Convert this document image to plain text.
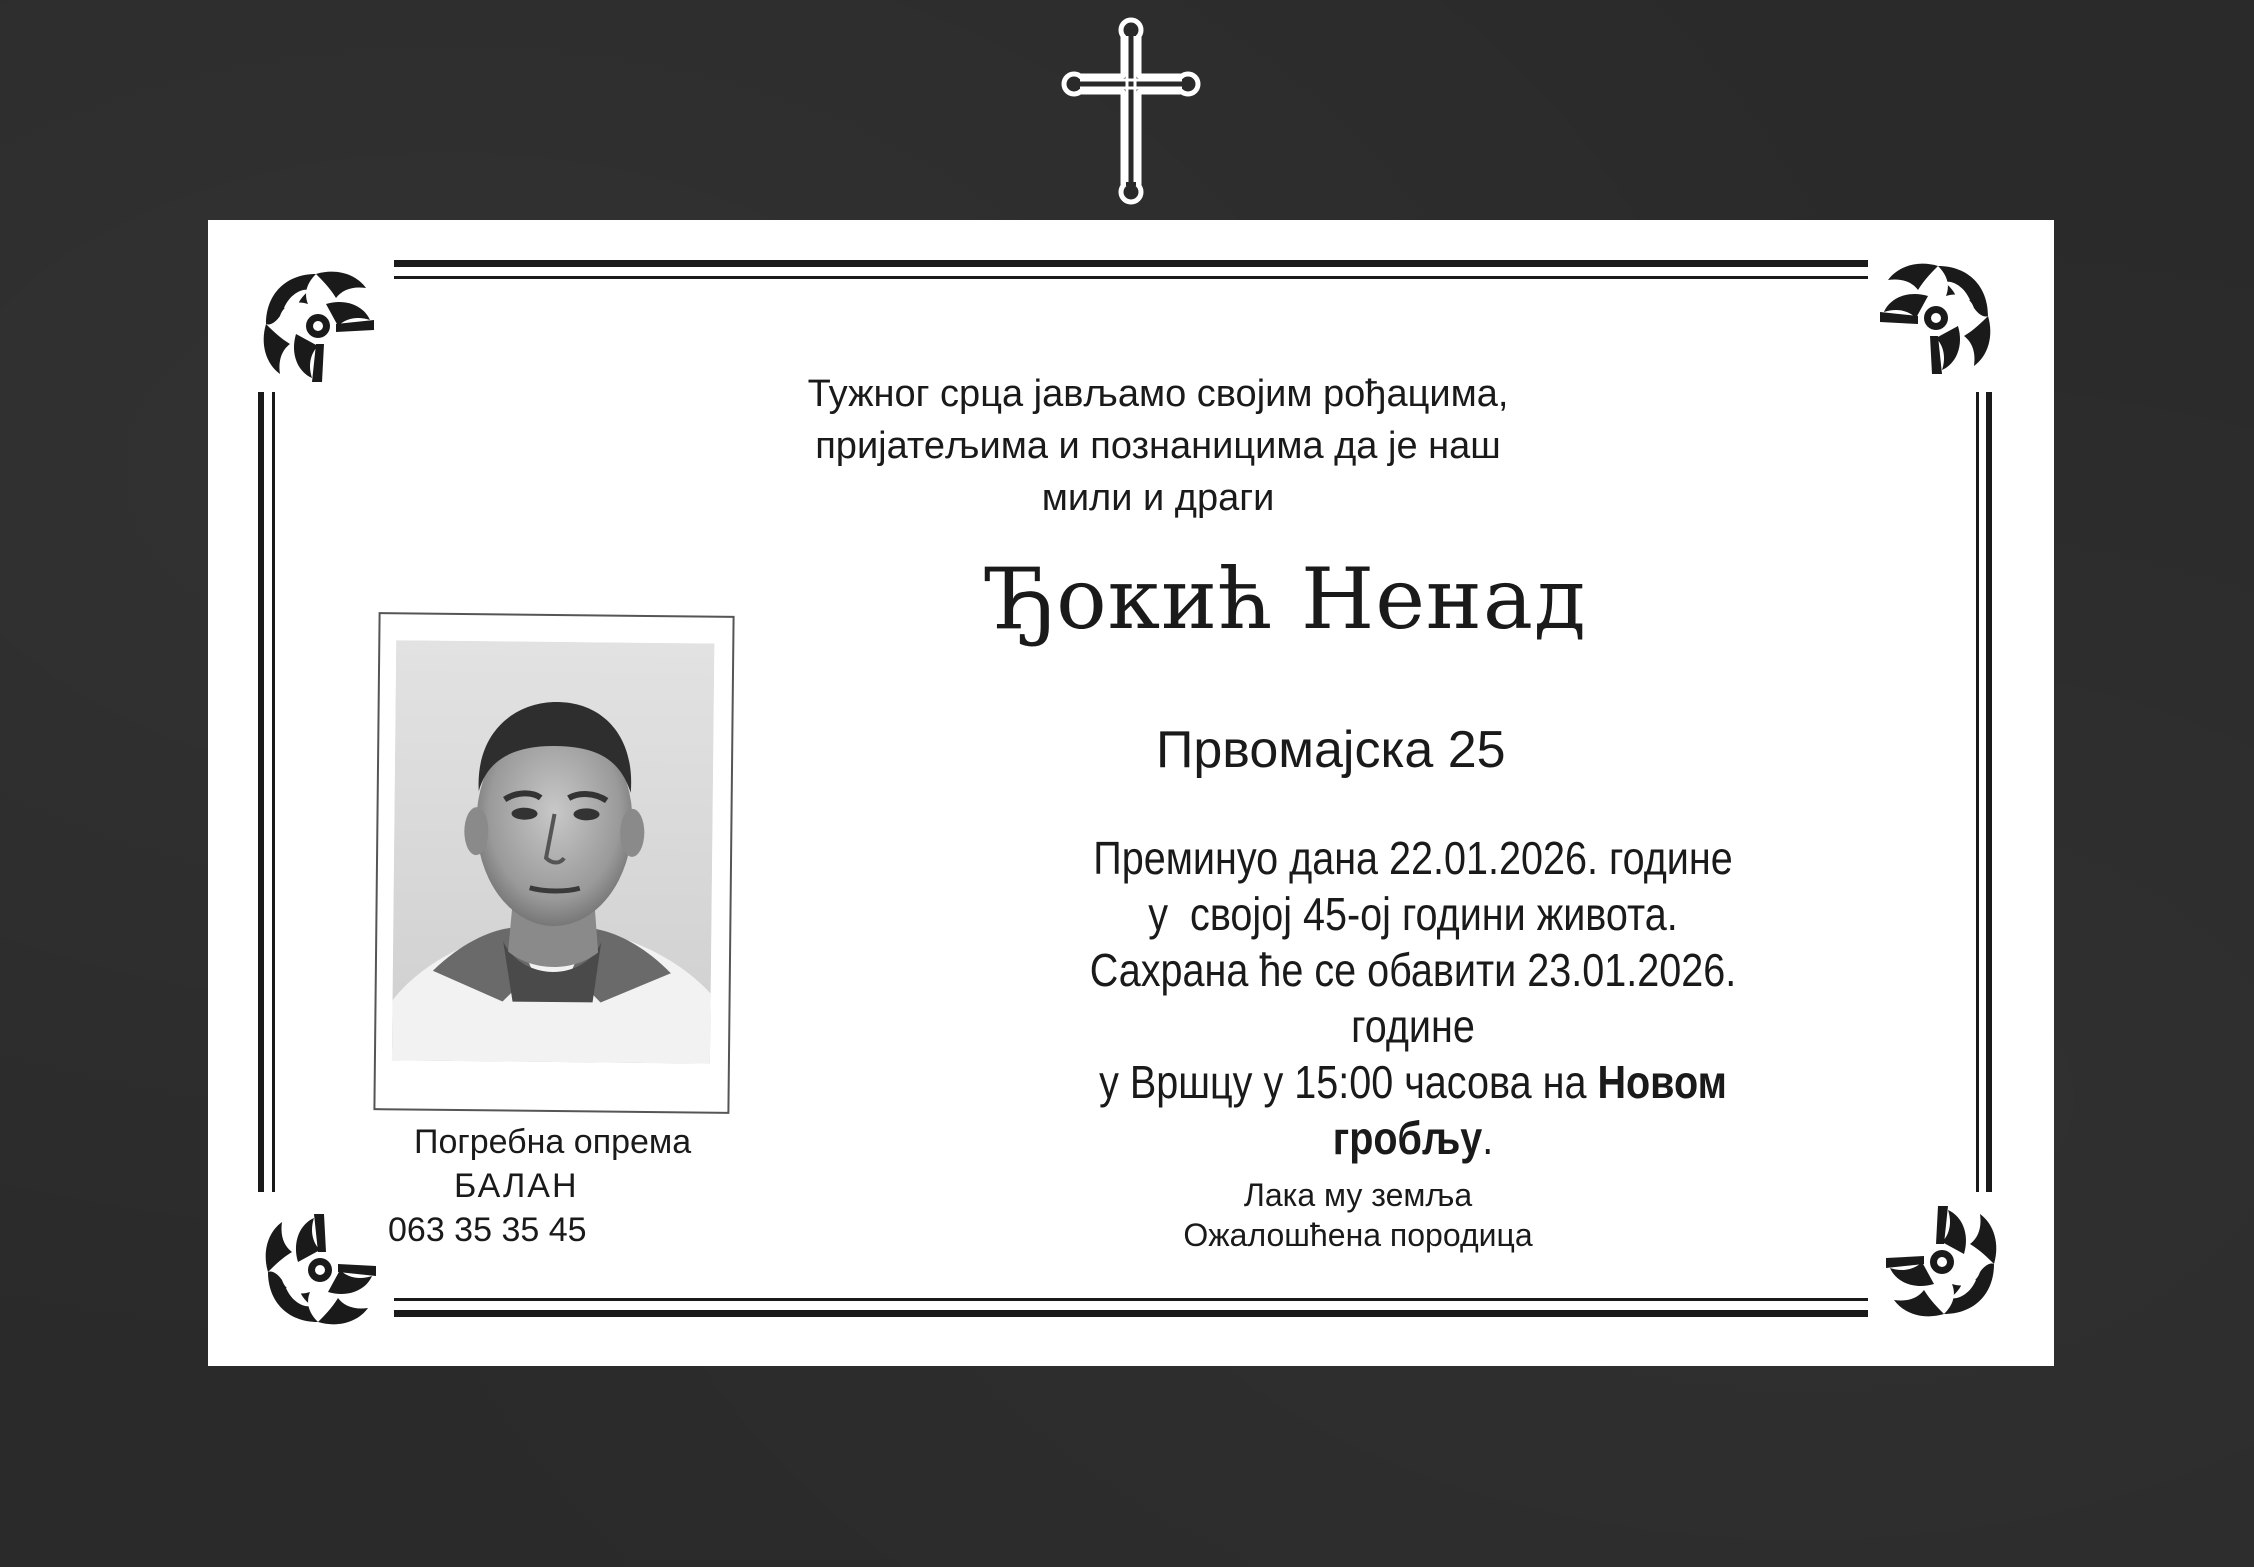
Тужног срца јављамо својим рођацима,
пријатељима и познаницима да је наш мили и драги
Ђокић Ненад
Првомајска 25
Погребна опрема
БАЛАН
063 35 35 45
Преминуо дана 22.01.2026. године
у  својој 45-ој години живота.
Сахрана ће се обавити 23.01.2026. године
у Вршцу у 15:00 часова на Новом гробљу.
Лака му земља
Ожалошћена породица
